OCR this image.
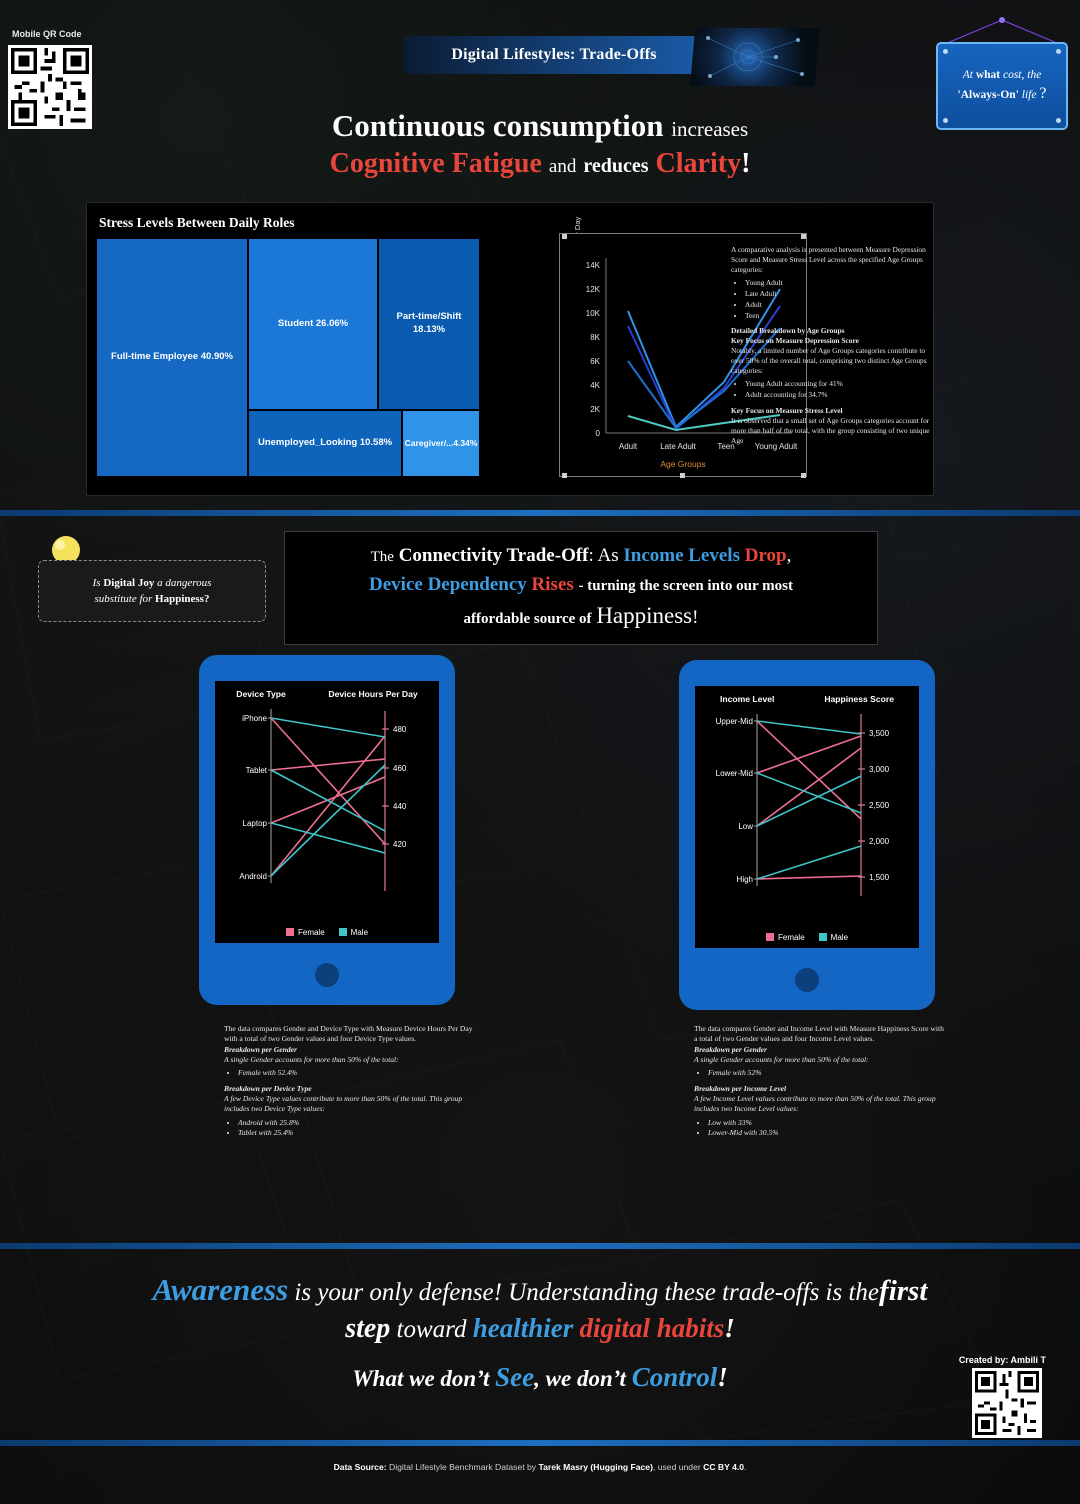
Mobile QR Code
Digital Lifestyles: Trade-Offs
At what cost, the
'Always-On' life ?
Continuous consumption increases
Cognitive Fatigue and reduces Clarity!
Stress Levels Between Daily Roles
Full-time Employee 40.90%
Student 26.06%
Part-time/Shift 18.13%
Unemployed_Looking 10.58%	Caregiver/...4.34%
14K
12K
10K
8K
6K
4K
2K
0
Adult	Late Adult	Teen	Young Adult
Age Groups
A comparative analysis is presented between Measure Depression Score and Measure Stress Level across the specified Age Groups categories:
• Young Adult
• Late Adult
• Adult
• Teen
Detailed Breakdown by Age Groups
Key Focus on Measure Depression Score
Notably, a limited number of Age Groups categories contribute to over 50% of the overall total, comprising two distinct Age Groups categories:
• Young Adult accounting for 41%
• Adult accounting for 34.7%
Key Focus on Measure Stress Level
It is observed that a small set of Age Groups categories account for more than half of the total, with the group consisting of two unique Age
Is Digital Joy a dangerous
substitute for Happiness?
The Connectivity Trade-Off: As Income Levels Drop,
Device Dependency Rises - turning the screen into our most
affordable source of Happiness!
Device Type	Device Hours Per Day
iPhone
Tablet
Laptop
Android
480
460
440
420
Female	Male
Income Level	Happiness Score
Upper-Mid
Lower-Mid
Low
High
3,500
3,000
2,500
2,000
1,500
Female	Male
The data compares Gender and Device Type with Measure Device Hours Per Day with a total of two Gender values and four Device Type values.
Breakdown per Gender
A single Gender accounts for more than 50% of the total:
• Female with 52.4%
Breakdown per Device Type
A few Device Type values contribute to more than 50% of the total. This group includes two Device Type values:
• Android with 25.8%
• Tablet with 25.4%
The data compares Gender and Income Level with Measure Happiness Score with a total of two Gender values and four Income Level values.
Breakdown per Gender
A single Gender accounts for more than 50% of the total:
• Female with 52%
Breakdown per Income Level
A few Income Level values contribute to more than 50% of the total. This group includes two Income Level values:
• Low with 33%
• Lower-Mid with 30.5%
Awareness is your only defense! Understanding these trade-offs is thefirst
step toward healthier digital habits!
What we don’t See, we don’t Control!
Created by: Ambili T
Data Source: Digital Lifestyle Benchmark Dataset by Tarek Masry (Hugging Face), used under CC BY 4.0.
